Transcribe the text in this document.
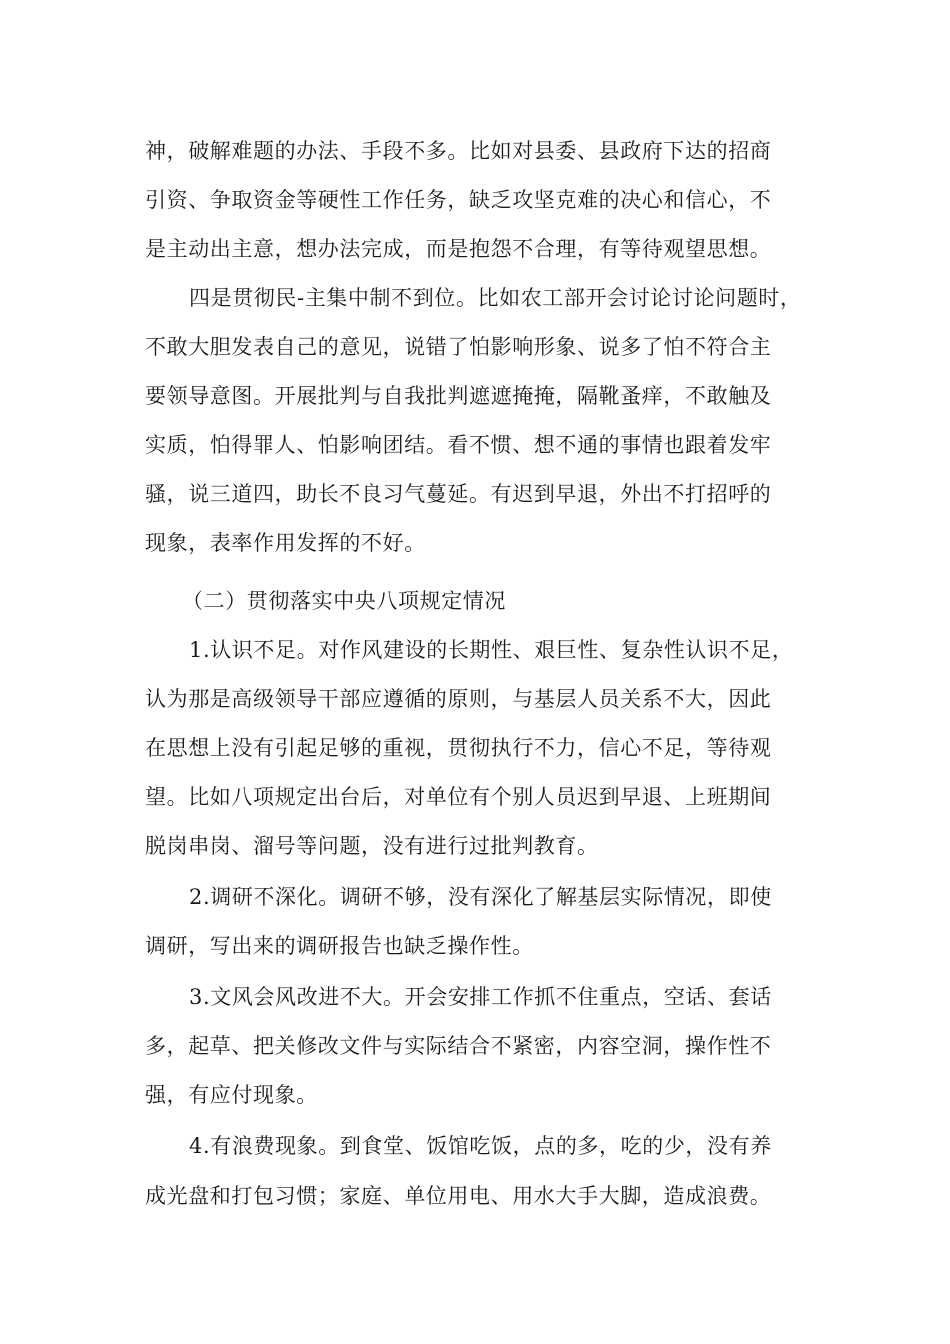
神，破解难题的办法、手段不多。比如对县委、县政府下达的招商
引资、争取资金等硬性工作任务，缺乏攻坚克难的决心和信心，不
是主动出主意，想办法完成，而是抱怨不合理，有等待观望思想。
四是贯彻民-主集中制不到位。比如农工部开会讨论讨论问题时，
不敢大胆发表自己的意见，说错了怕影响形象、说多了怕不符合主
要领导意图。开展批判与自我批判遮遮掩掩，隔靴蚤痒，不敢触及
实质，怕得罪人、怕影响团结。看不惯、想不通的事情也跟着发牢
骚，说三道四，助长不良习气蔓延。有迟到早退，外出不打招呼的
现象，表率作用发挥的不好。
（二）贯彻落实中央八项规定情况
1.认识不足。对作风建设的长期性、艰巨性、复杂性认识不足，
认为那是高级领导干部应遵循的原则，与基层人员关系不大，因此
在思想上没有引起足够的重视，贯彻执行不力，信心不足，等待观
望。比如八项规定出台后，对单位有个别人员迟到早退、上班期间
脱岗串岗、溜号等问题，没有进行过批判教育。
2.调研不深化。调研不够，没有深化了解基层实际情况，即使
调研，写出来的调研报告也缺乏操作性。
3.文风会风改进不大。开会安排工作抓不住重点，空话、套话
多，起草、把关修改文件与实际结合不紧密，内容空洞，操作性不
强，有应付现象。
4.有浪费现象。到食堂、饭馆吃饭，点的多，吃的少，没有养
成光盘和打包习惯；家庭、单位用电、用水大手大脚，造成浪费。
